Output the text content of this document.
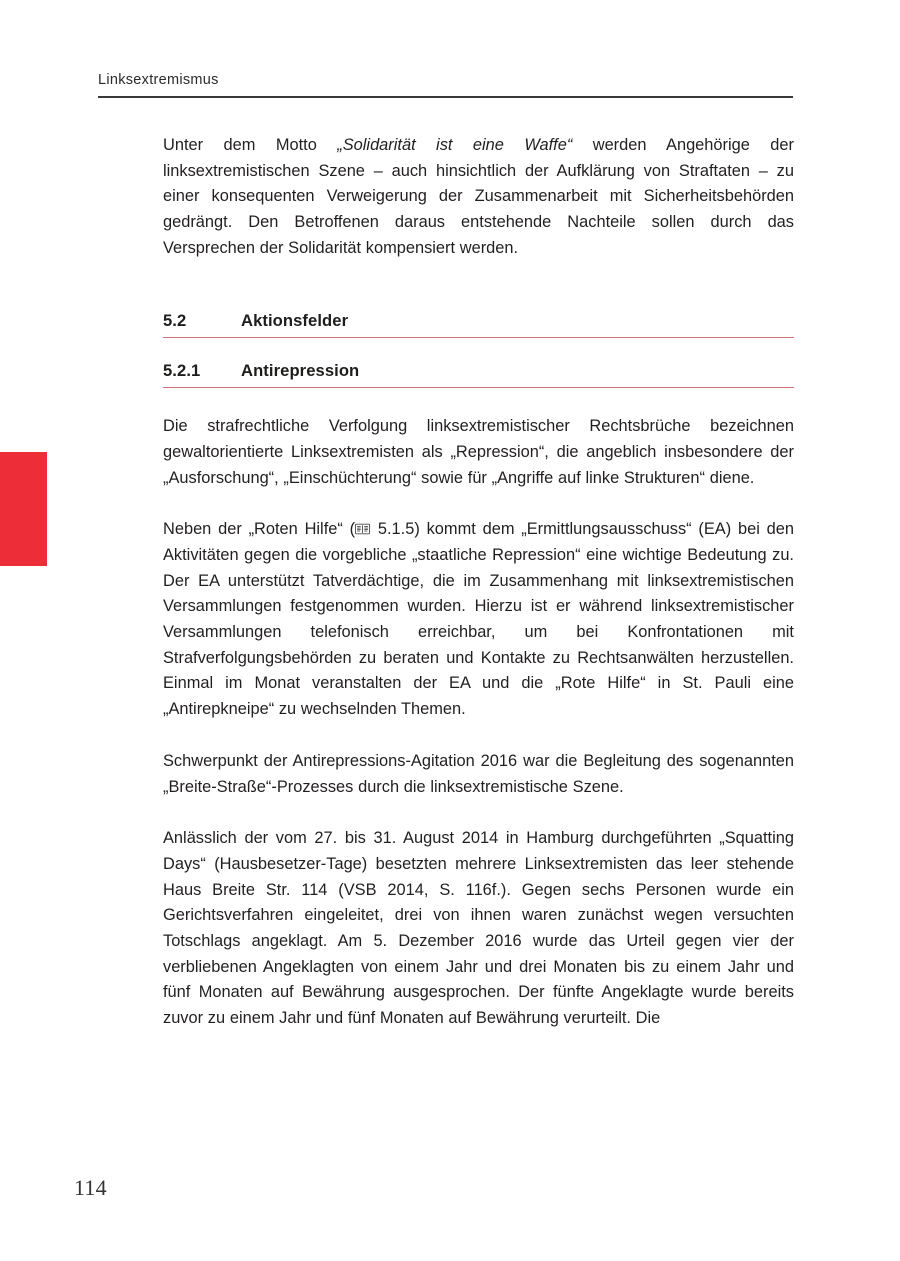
Linksextremismus

Unter dem Motto „Solidarität ist eine Waffe“ werden Angehörige der linksextremistischen Szene – auch hinsichtlich der Aufklärung von Straftaten – zu einer konsequenten Verweigerung der Zusammenarbeit mit Sicherheitsbehörden gedrängt. Den Betroffenen daraus entstehende Nachteile sollen durch das Versprechen der Solidarität kompensiert werden.

5.2	Aktionsfelder
5.2.1	Antirepression

Die strafrechtliche Verfolgung linksextremistischer Rechtsbrüche bezeichnen gewaltorientierte Linksextremisten als „Repression“, die angeblich insbesondere der „Ausforschung“, „Einschüchterung“ sowie für „Angriffe auf linke Strukturen“ diene.

Neben der „Roten Hilfe“ (
5.1.5) kommt dem „Ermittlungsausschuss“ (EA) bei den Aktivitäten gegen die vorgebliche „staatliche Repression“ eine wichtige Bedeutung zu. Der EA unterstützt Tatverdächtige, die im Zusammenhang mit linksextremistischen Versammlungen festgenommen wurden. Hierzu ist er während linksextremistischer Versammlungen telefonisch erreichbar, um bei Konfrontationen mit Strafverfolgungsbehörden zu beraten und Kontakte zu Rechtsanwälten herzustellen. Einmal im Monat veranstalten der EA und die „Rote Hilfe“ in St. Pauli eine „Antirepkneipe“ zu wechselnden Themen.

Schwerpunkt der Antirepressions-Agitation 2016 war die Begleitung des sogenannten „Breite-Straße“-Prozesses durch die linksextremistische Szene.

Anlässlich der vom 27. bis 31. August 2014 in Hamburg durchgeführten „Squatting Days“ (Hausbesetzer-Tage) besetzten mehrere Linksextremisten das leer stehende Haus Breite Str. 114 (VSB 2014, S. 116f.). Gegen sechs Personen wurde ein Gerichtsverfahren eingeleitet, drei von ihnen waren zunächst wegen versuchten Totschlags angeklagt. Am 5. Dezember 2016 wurde das Urteil gegen vier der verbliebenen Angeklagten von einem Jahr und drei Monaten bis zu einem Jahr und fünf Monaten auf Bewährung ausgesprochen. Der fünfte Angeklagte wurde bereits zuvor zu einem Jahr und fünf Monaten auf Bewährung verurteilt. Die

114
